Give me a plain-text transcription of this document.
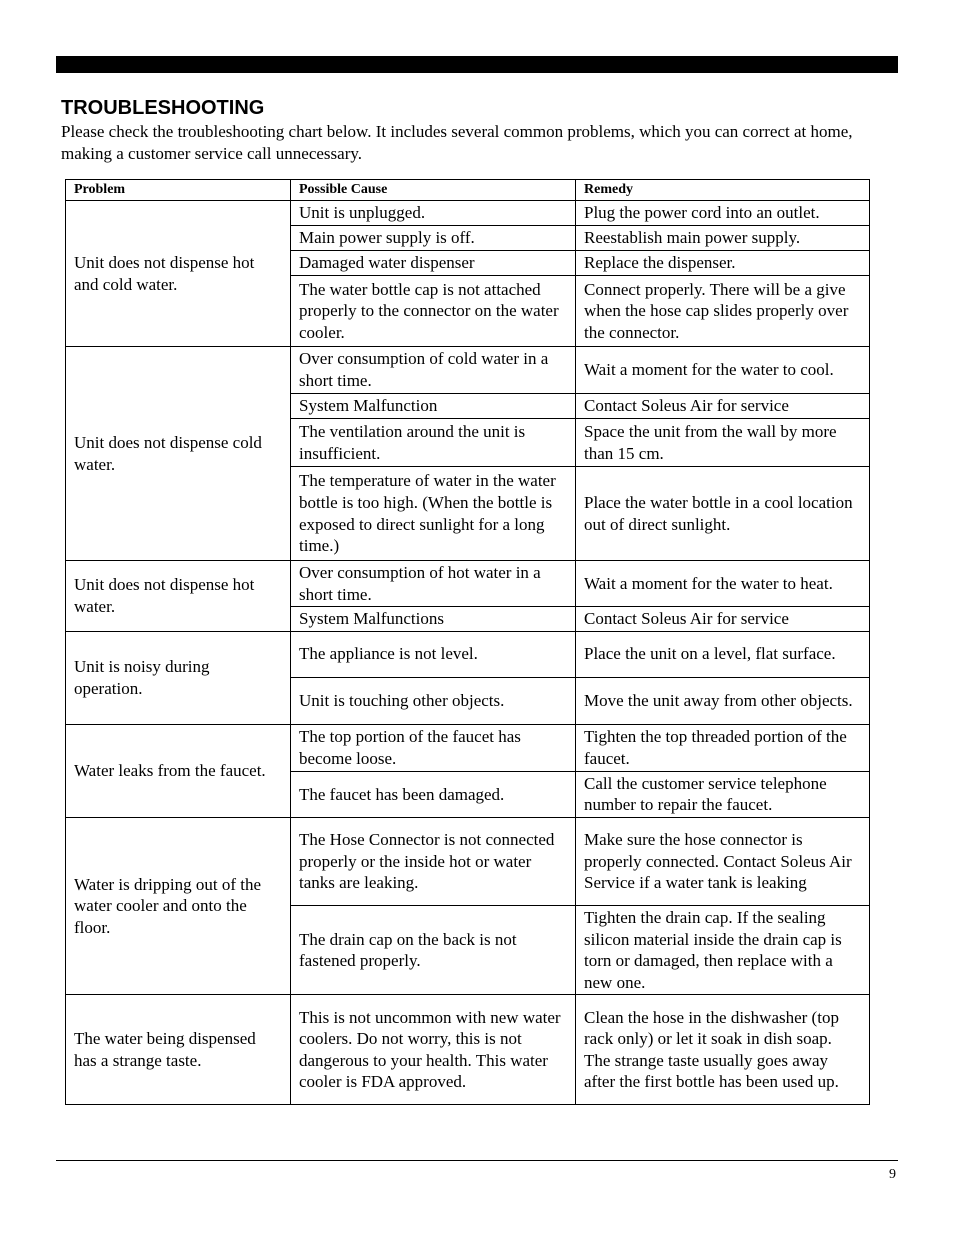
TROUBLESHOOTING

Please check the troubleshooting chart below. It includes several common problems, which you can correct at home, making a customer service call unnecessary.

Problem	Possible Cause	Remedy
Unit does not dispense hot and cold water.	Unit is unplugged.	Plug the power cord into an outlet.
	Main power supply is off.	Reestablish main power supply.
	Damaged water dispenser	Replace the dispenser.
	The water bottle cap is not attached properly to the connector on the water cooler.	Connect properly. There will be a give when the hose cap slides properly over the connector.
Unit does not dispense cold water.	Over consumption of cold water in a short time.	Wait a moment for the water to cool.
	System Malfunction	Contact Soleus Air for service
	The ventilation around the unit is insufficient.	Space the unit from the wall by more than 15 cm.
	The temperature of water in the water bottle is too high. (When the bottle is exposed to direct sunlight for a long time.)	Place the water bottle in a cool location out of direct sunlight.
Unit does not dispense hot water.	Over consumption of hot water in a short time.	Wait a moment for the water to heat.
	System Malfunctions	Contact Soleus Air for service
Unit is noisy during operation.	The appliance is not level.	Place the unit on a level, flat surface.
	Unit is touching other objects.	Move the unit away from other objects.
Water leaks from the faucet.	The top portion of the faucet has become loose.	Tighten the top threaded portion of the faucet.
	The faucet has been damaged.	Call the customer service telephone number to repair the faucet.
Water is dripping out of the water cooler and onto the floor.	The Hose Connector is not connected properly or the inside hot or water tanks are leaking.	Make sure the hose connector is properly connected. Contact Soleus Air Service if a water tank is leaking
	The drain cap on the back is not fastened properly.	Tighten the drain cap. If the sealing silicon material inside the drain cap is torn or damaged, then replace with a new one.
The water being dispensed has a strange taste.	This is not uncommon with new water coolers. Do not worry, this is not dangerous to your health. This water cooler is FDA approved.	Clean the hose in the dishwasher (top rack only) or let it soak in dish soap. The strange taste usually goes away after the first bottle has been used up.
9
